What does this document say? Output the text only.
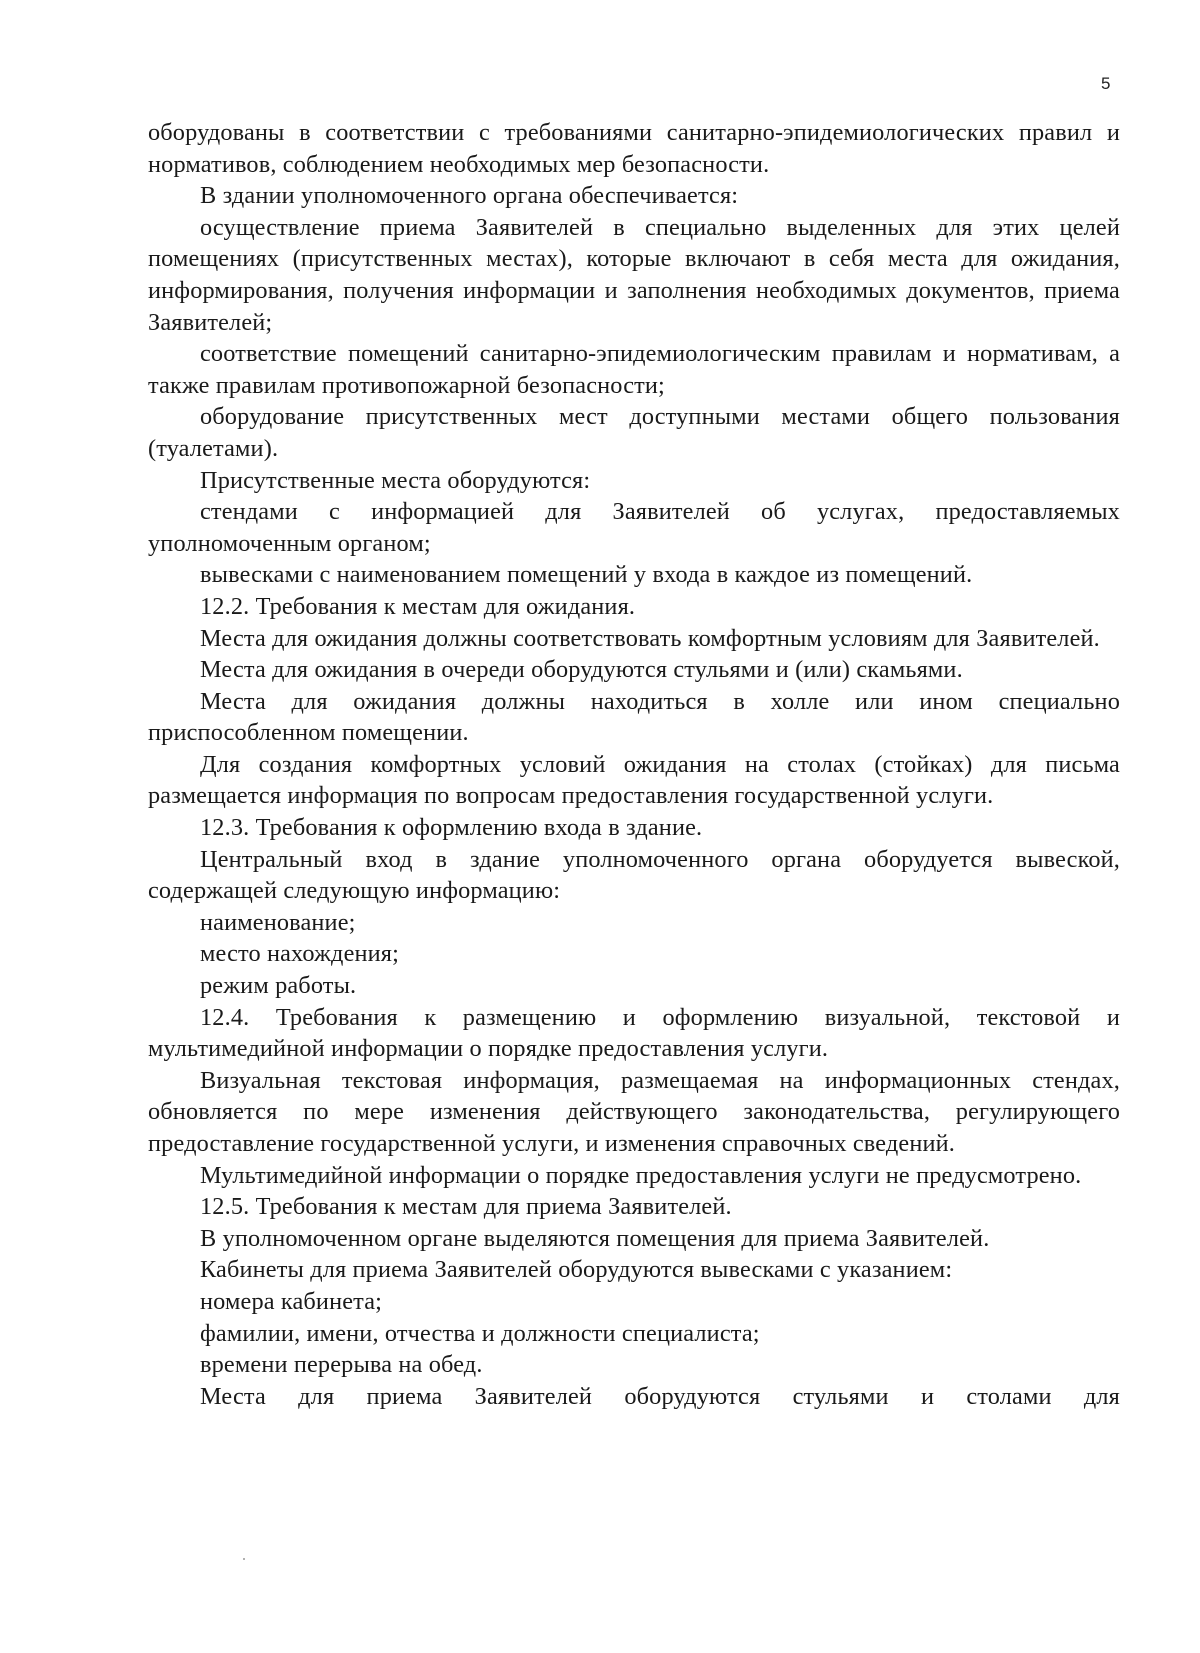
5

оборудованы в соответствии с требованиями санитарно-эпидемиологических правил и нормативов, соблюдением необходимых мер безопасности.

В здании уполномоченного органа обеспечивается:

осуществление приема Заявителей в специально выделенных для этих целей помещениях (присутственных местах), которые включают в себя места для ожидания, информирования, получения информации и заполнения необходимых документов, приема Заявителей;

соответствие помещений санитарно-эпидемиологическим правилам и нормативам, а также правилам противопожарной безопасности;

оборудование присутственных мест доступными местами общего пользования (туалетами).

Присутственные места оборудуются:

стендами с информацией для Заявителей об услугах, предоставляемых уполномоченным органом;

вывесками с наименованием помещений у входа в каждое из помещений.

12.2. Требования к местам для ожидания.

Места для ожидания должны соответствовать комфортным условиям для Заявителей.

Места для ожидания в очереди оборудуются стульями и (или) скамьями.

Места для ожидания должны находиться в холле или ином специально приспособленном помещении.

Для создания комфортных условий ожидания на столах (стойках) для письма размещается информация по вопросам предоставления государственной услуги.

12.3. Требования к оформлению входа в здание.

Центральный вход в здание уполномоченного органа оборудуется вывеской, содержащей следующую информацию:

наименование;

место нахождения;

режим работы.

12.4. Требования к размещению и оформлению визуальной, текстовой и мультимедийной информации о порядке предоставления услуги.

Визуальная текстовая информация, размещаемая на информационных стендах, обновляется по мере изменения действующего законодательства, регулирующего предоставление государственной услуги, и изменения справочных сведений.

Мультимедийной информации о порядке предоставления услуги не предусмотрено.

12.5. Требования к местам для приема Заявителей.

В уполномоченном органе выделяются помещения для приема Заявителей.

Кабинеты для приема Заявителей оборудуются вывесками с указанием:

номера кабинета;

фамилии, имени, отчества и должности специалиста;

времени перерыва на обед.

Места для приема Заявителей оборудуются стульями и столами для
